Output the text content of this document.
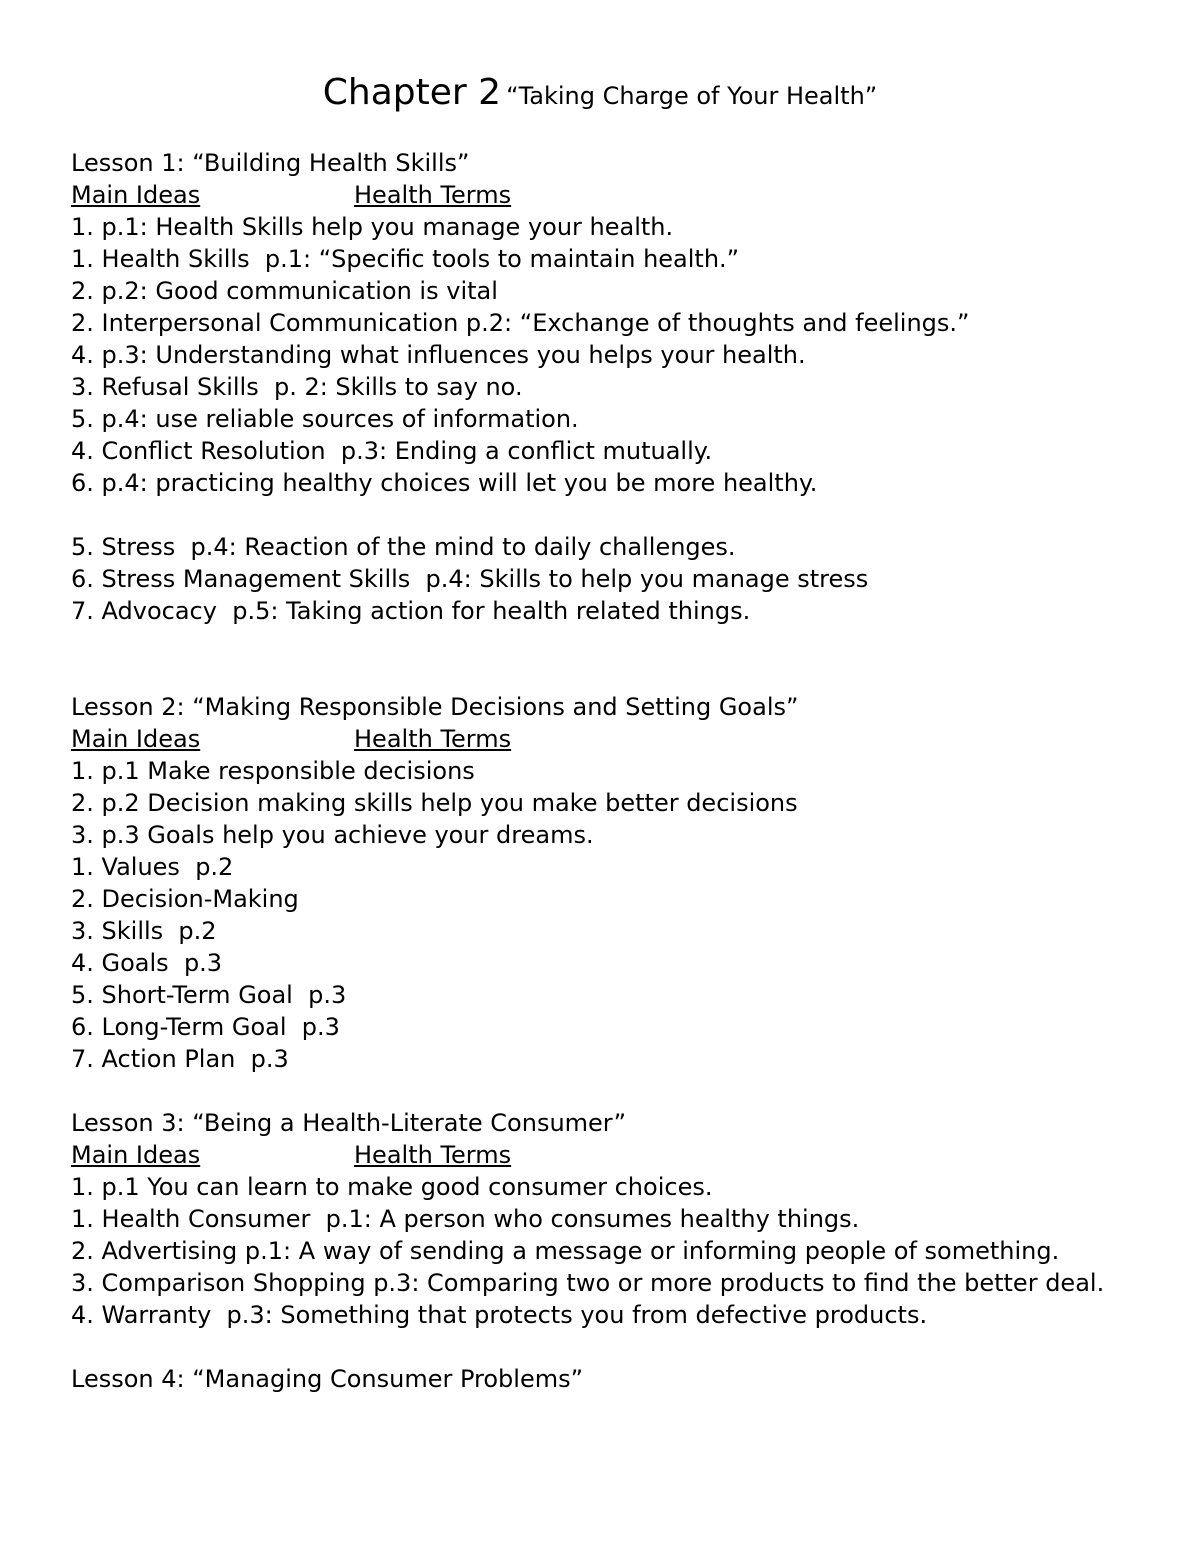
Chapter 2 “Taking Charge of Your Health”
Lesson 1: “Building Health Skills”
Main Ideas	Health Terms
1. p.1: Health Skills help you manage your health.
1. Health Skills  p.1: “Specific tools to maintain health.”
2. p.2: Good communication is vital
2. Interpersonal Communication p.2: “Exchange of thoughts and feelings.”
4. p.3: Understanding what influences you helps your health.
3. Refusal Skills  p. 2: Skills to say no.
5. p.4: use reliable sources of information.
4. Conflict Resolution  p.3: Ending a conflict mutually.
6. p.4: practicing healthy choices will let you be more healthy.
5. Stress  p.4: Reaction of the mind to daily challenges.
6. Stress Management Skills  p.4: Skills to help you manage stress
7. Advocacy  p.5: Taking action for health related things.
Lesson 2: “Making Responsible Decisions and Setting Goals”
Main Ideas	Health Terms
1. p.1 Make responsible decisions
2. p.2 Decision making skills help you make better decisions
3. p.3 Goals help you achieve your dreams.
1. Values  p.2
2. Decision-Making
3. Skills  p.2
4. Goals  p.3
5. Short-Term Goal  p.3
6. Long-Term Goal  p.3
7. Action Plan  p.3
Lesson 3: “Being a Health-Literate Consumer”
Main Ideas	Health Terms
1. p.1 You can learn to make good consumer choices.
1. Health Consumer  p.1: A person who consumes healthy things.
2. Advertising p.1: A way of sending a message or informing people of something.
3. Comparison Shopping p.3: Comparing two or more products to find the better deal.
4. Warranty  p.3: Something that protects you from defective products.
Lesson 4: “Managing Consumer Problems”
